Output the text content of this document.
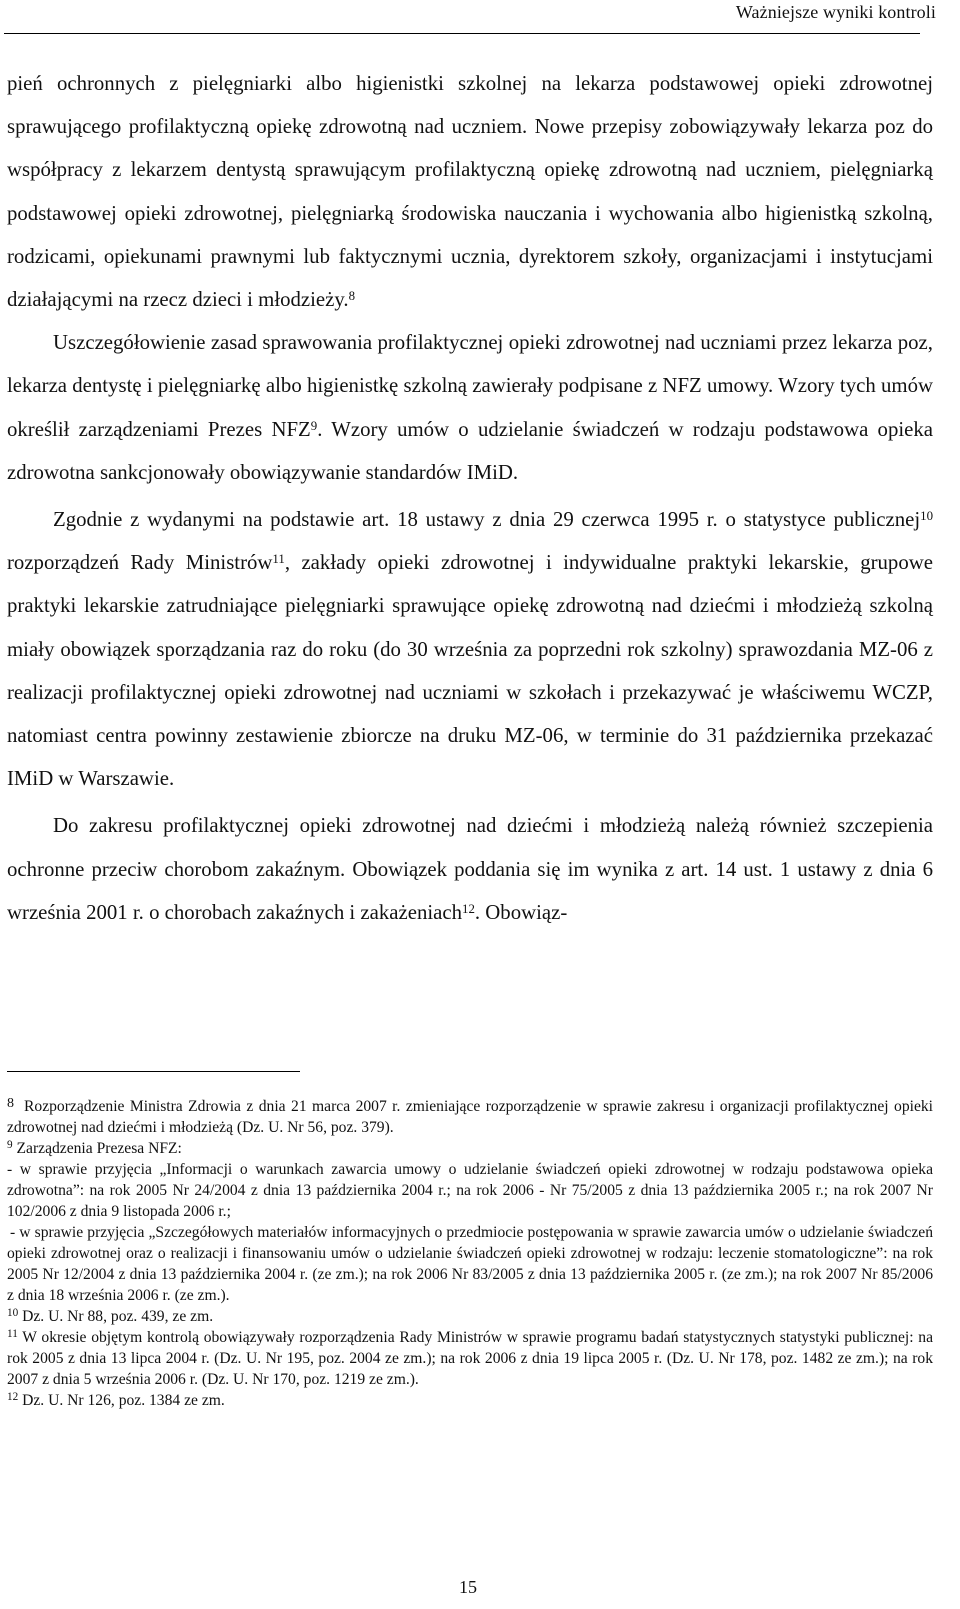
Ważniejsze wyniki kontroli

pień ochronnych z pielęgniarki albo higienistki szkolnej na lekarza podstawowej opieki zdrowotnej sprawującego profilaktyczną opiekę zdrowotną nad uczniem. Nowe przepisy zobowiązywały lekarza poz do współpracy z lekarzem dentystą sprawującym profilaktyczną opiekę zdrowotną nad uczniem, pielęgniarką podstawowej opieki zdrowotnej, pielęgniarką środowiska nauczania i wychowania albo higienistką szkolną, rodzicami, opiekunami prawnymi lub faktycznymi ucznia, dyrektorem szkoły, organizacjami i instytucjami działającymi na rzecz dzieci i młodzieży.$^8$

Uszczegółowienie zasad sprawowania profilaktycznej opieki zdrowotnej nad uczniami przez lekarza poz, lekarza dentystę i pielęgniarkę albo higienistkę szkolną zawierały podpisane z NFZ umowy. Wzory tych umów określił zarządzeniami Prezes NFZ$^9$. Wzory umów o udzielanie świadczeń w rodzaju podstawowa opieka zdrowotna sankcjonowały obowiązywanie standardów IMiD.

Zgodnie z wydanymi na podstawie art. 18 ustawy z dnia 29 czerwca 1995 r. o statystyce publicznej$^{10}$ rozporządzeń Rady Ministrów$^{11}$, zakłady opieki zdrowotnej i indywidualne praktyki lekarskie, grupowe praktyki lekarskie zatrudniające pielęgniarki sprawujące opiekę zdrowotną nad dziećmi i młodzieżą szkolną miały obowiązek sporządzania raz do roku (do 30 września za poprzedni rok szkolny) sprawozdania MZ-06 z realizacji profilaktycznej opieki zdrowotnej nad uczniami w szkołach i przekazywać je właściwemu WCZP, natomiast centra powinny zestawienie zbiorcze na druku MZ-06, w terminie do 31 października przekazać IMiD w Warszawie.

Do zakresu profilaktycznej opieki zdrowotnej nad dziećmi i młodzieżą należą również szczepienia ochronne przeciw chorobom zakaźnym. Obowiązek poddania się im wynika z art. 14 ust. 1 ustawy z dnia 6 września 2001 r. o chorobach zakaźnych i zakażeniach$^{12}$. Obowiąz-

8 Rozporządzenie Ministra Zdrowia z dnia 21 marca 2007 r. zmieniające rozporządzenie w sprawie zakresu i organizacji profilaktycznej opieki zdrowotnej nad dziećmi i młodzieżą (Dz. U. Nr 56, poz. 379).

$^9$ Zarządzenia Prezesa NFZ:

- w sprawie przyjęcia „Informacji o warunkach zawarcia umowy o udzielanie świadczeń opieki zdrowotnej w rodzaju podstawowa opieka zdrowotna”: na rok 2005 Nr 24/2004 z dnia 13 października 2004 r.; na rok 2006 - Nr 75/2005 z dnia 13 października 2005 r.; na rok 2007 Nr 102/2006 z dnia 9 listopada 2006 r.;

- w sprawie przyjęcia „Szczegółowych materiałów informacyjnych o przedmiocie postępowania w sprawie zawarcia umów o udzielanie świadczeń opieki zdrowotnej oraz o realizacji i finansowaniu umów o udzielanie świadczeń opieki zdrowotnej w rodzaju: leczenie stomatologiczne”: na rok 2005 Nr 12/2004 z dnia 13 października 2004 r. (ze zm.); na rok 2006 Nr 83/2005 z dnia 13 października 2005 r. (ze zm.); na rok 2007 Nr 85/2006 z dnia 18 września 2006 r. (ze zm.).

$^{10}$ Dz. U. Nr 88, poz. 439, ze zm.

$^{11}$ W okresie objętym kontrolą obowiązywały rozporządzenia Rady Ministrów w sprawie programu badań statystycznych statystyki publicznej: na rok 2005 z dnia 13 lipca 2004 r. (Dz. U. Nr 195, poz. 2004 ze zm.); na rok 2006 z dnia 19 lipca 2005 r. (Dz. U. Nr 178, poz. 1482 ze zm.); na rok 2007 z dnia 5 września 2006 r. (Dz. U. Nr 170, poz. 1219 ze zm.).

$^{12}$ Dz. U. Nr 126, poz. 1384 ze zm.

15
